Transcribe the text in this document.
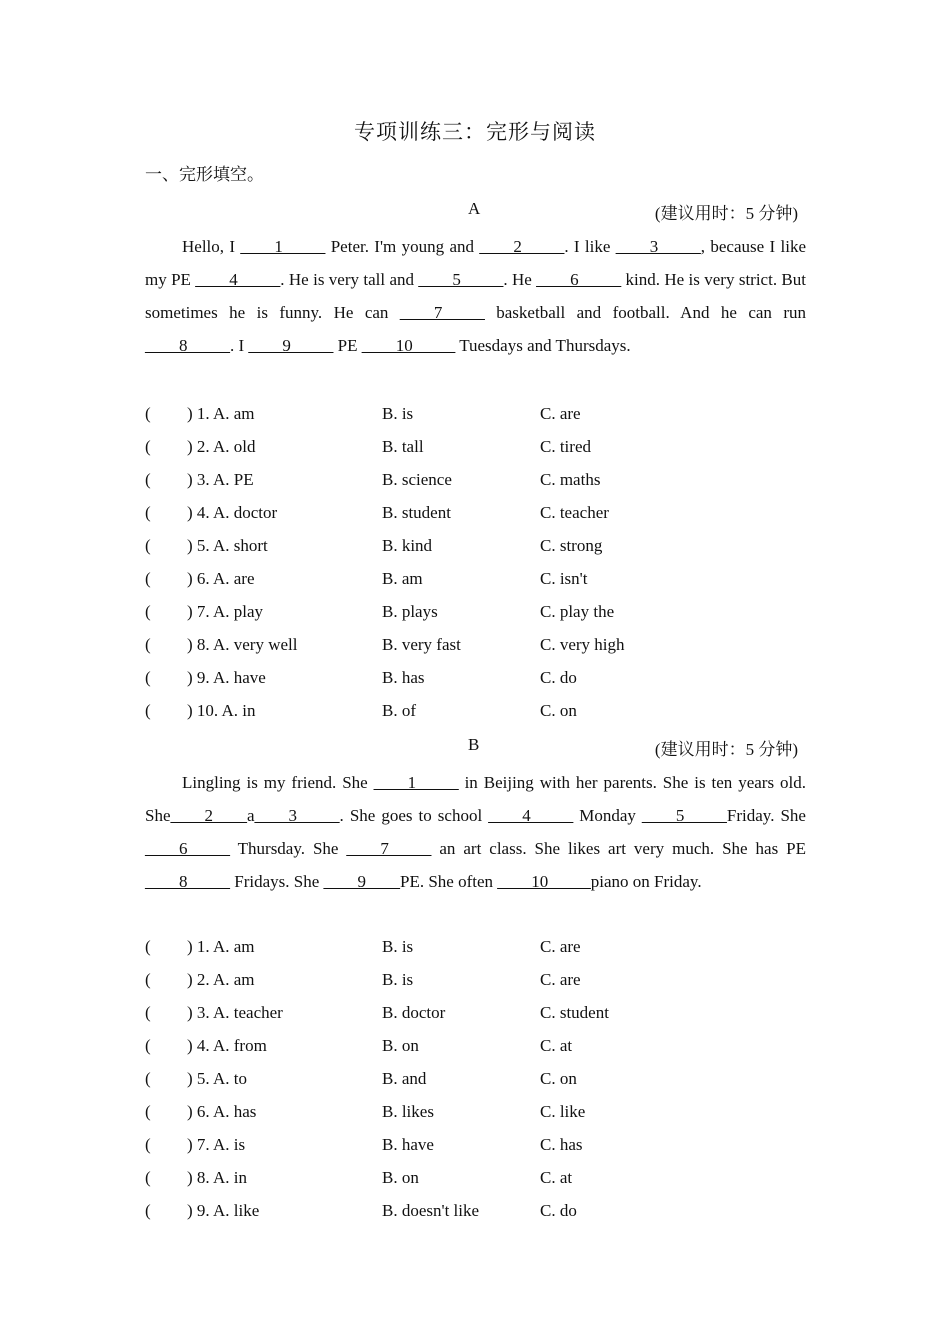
专项训练三：完形与阅读
一、完形填空。
A	(建议用时：5 分钟)

Hello, I ____1_____ Peter. I'm young and ____2_____. I like ____3_____, because I like my PE ____4_____. He is very tall and ____5_____. He ____6_____ kind. He is very strict. But sometimes he is funny. He can ____7_____ basketball and football. And he can run ____8_____. I ____9_____ PE ____10_____ Tuesdays and Thursdays.

( ) 1. A. am	B. is	C. are
( ) 2. A. old	B. tall	C. tired
( ) 3. A. PE	B. science	C. maths
( ) 4. A. doctor	B. student	C. teacher
( ) 5. A. short	B. kind	C. strong
( ) 6. A. are	B. am	C. isn't
( ) 7. A. play	B. plays	C. play the
( ) 8. A. very well	B. very fast	C. very high
( ) 9. A. have	B. has	C. do
( ) 10. A. in	B. of	C. on
B	(建议用时：5 分钟)

Lingling is my friend. She ____1_____ in Beijing with her parents. She is ten years old. She____2____a____3_____. She goes to school ____4_____ Monday ____5_____Friday. She ____6_____ Thursday. She ____7_____ an art class. She likes art very much. She has PE ____8_____ Fridays. She ____9____PE. She often ____10_____piano on Friday.

( ) 1. A. am	B. is	C. are
( ) 2. A. am	B. is	C. are
( ) 3. A. teacher	B. doctor	C. student
( ) 4. A. from	B. on	C. at
( ) 5. A. to	B. and	C. on
( ) 6. A. has	B. likes	C. like
( ) 7. A. is	B. have	C. has
( ) 8. A. in	B. on	C. at
( ) 9. A. like	B. doesn't like	C. do
